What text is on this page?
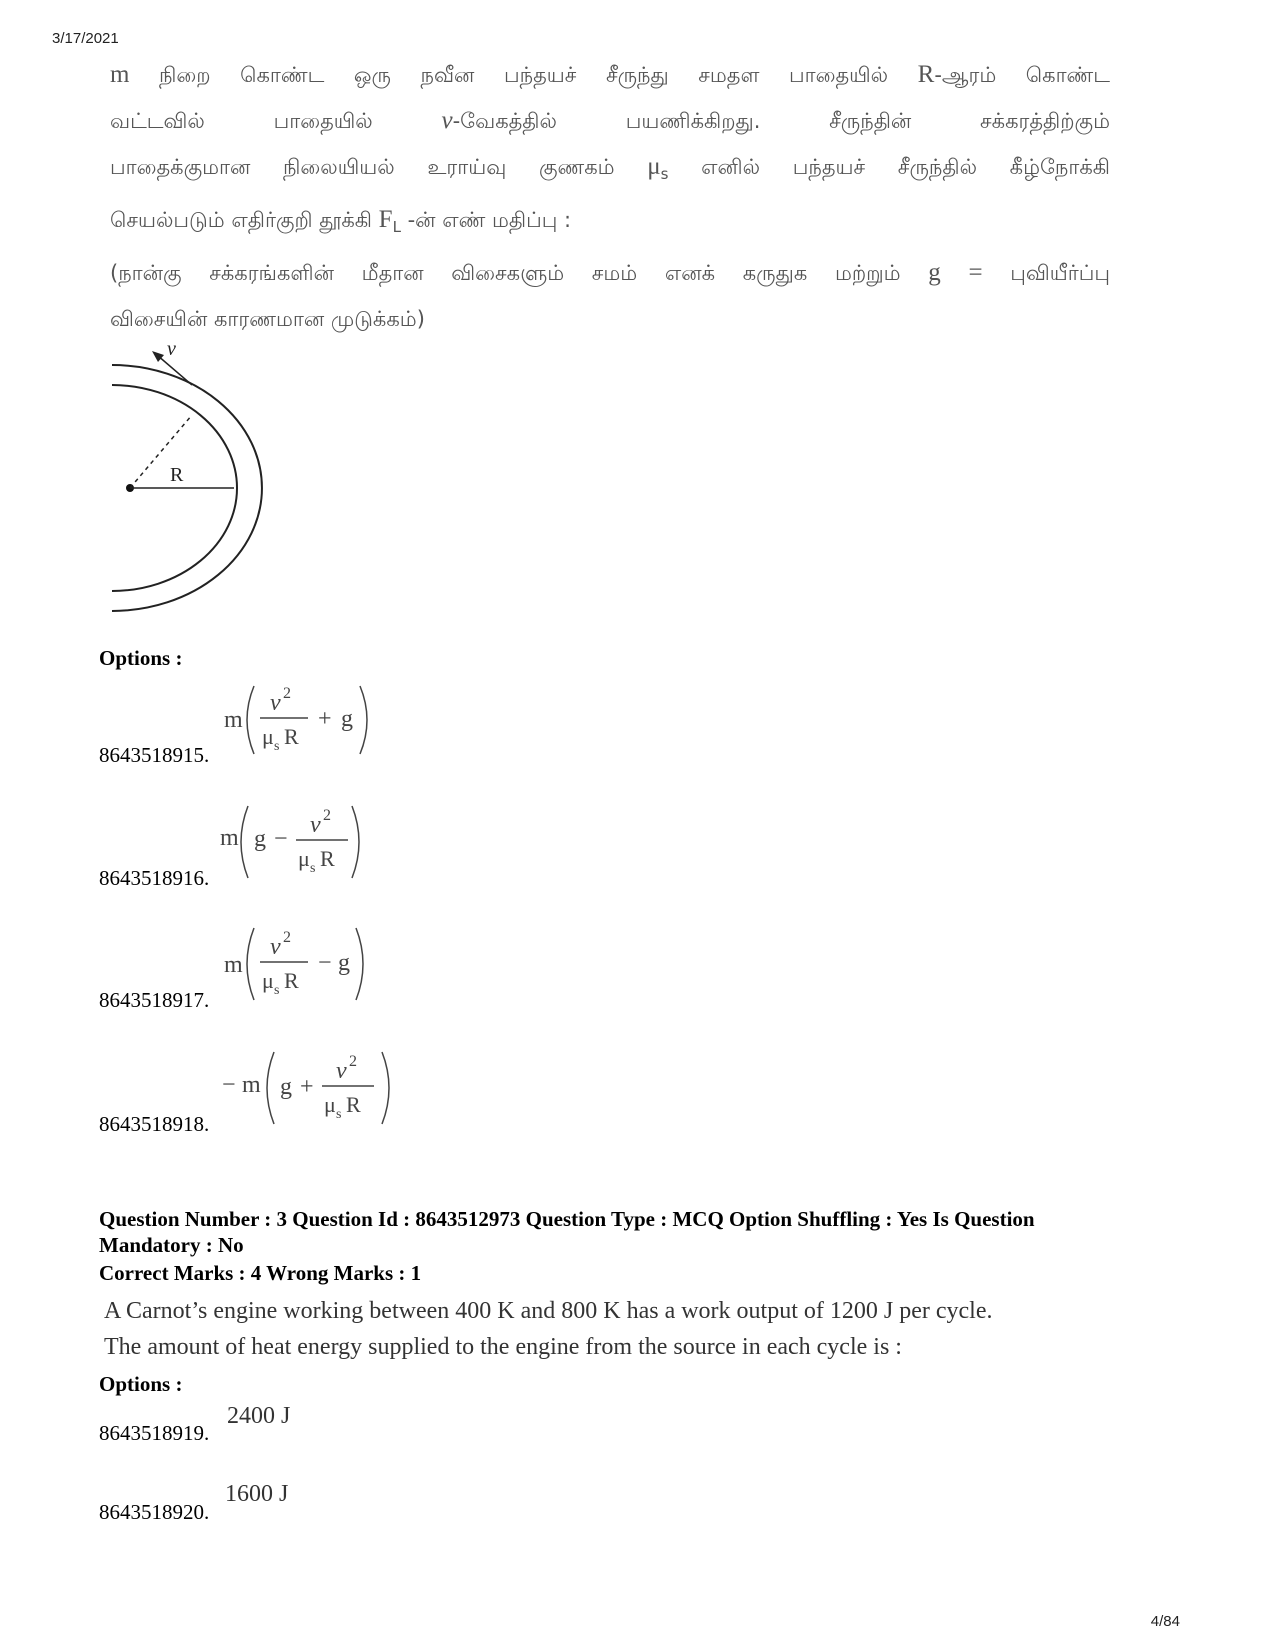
3/17/2021

m நிறை கொண்ட ஒரு நவீன பந்தயச் சீருந்து சமதள பாதையில் R-ஆரம் கொண்ட

வட்டவில் பாதையில் v-வேகத்தில் பயணிக்கிறது. சீருந்தின் சக்கரத்திற்கும்

பாதைக்குமான நிலையியல் உராய்வு குணகம் $\mu_s$ எனில் பந்தயச் சீருந்தில் கீழ்நோக்கி

செயல்படும் எதிர்குறி தூக்கி $F_L$ -ன் எண் மதிப்பு :

(நான்கு சக்கரங்களின் மீதான விசைகளும் சமம் எனக் கருதுக மற்றும் g = புவியீர்ப்பு

விசையின் காரணமான முடுக்கம்)

v
R
Options :
8643518915.
m
v 2
μ s R
+ g
8643518916.
m g −
v 2
μ s R
8643518917.
m
v 2
μ s R
− g
8643518918.
− m g +
v 2
μ s R
Question Number : 3 Question Id : 8643512973 Question Type : MCQ Option Shuffling : Yes Is Question
Mandatory : No
Correct Marks : 4 Wrong Marks : 1
A Carnot’s engine working between 400 K and 800 K has a work output of 1200 J per cycle.
The amount of heat energy supplied to the engine from the source in each cycle is :
Options :
8643518919.
2400 J
8643518920.
1600 J
4/84
